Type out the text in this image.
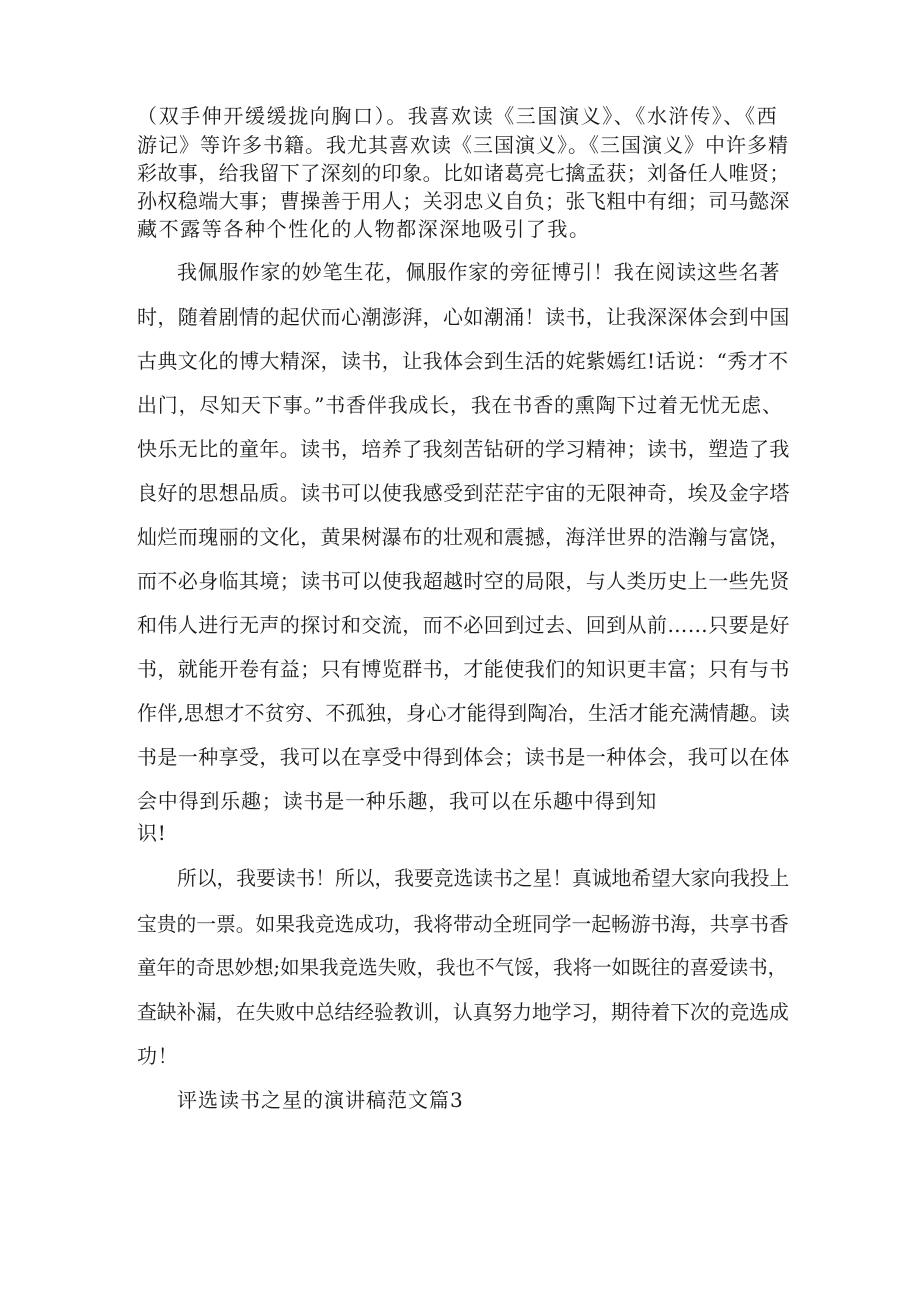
（双手伸开缓缓拢向胸口）。我喜欢读《三国演义》、《水浒传》、《西
游记》等许多书籍。我尤其喜欢读《三国演义》。《三国演义》中许多精
彩故事，给我留下了深刻的印象。比如诸葛亮七擒孟获；刘备任人唯贤；
孙权稳端大事；曹操善于用人；关羽忠义自负；张飞粗中有细；司马懿深
藏不露等各种个性化的人物都深深地吸引了我。
我佩服作家的妙笔生花，佩服作家的旁征博引！我在阅读这些名著
时，随着剧情的起伏而心潮澎湃，心如潮涌！读书，让我深深体会到中国
古典文化的博大精深，读书，让我体会到生活的姹紫嫣红!话说：“秀才不
出门，尽知天下事。”书香伴我成长，我在书香的熏陶下过着无忧无虑、
快乐无比的童年。读书，培养了我刻苦钻研的学习精神；读书，塑造了我
良好的思想品质。读书可以使我感受到茫茫宇宙的无限神奇，埃及金字塔
灿烂而瑰丽的文化，黄果树瀑布的壮观和震撼，海洋世界的浩瀚与富饶，
而不必身临其境；读书可以使我超越时空的局限，与人类历史上一些先贤
和伟人进行无声的探讨和交流，而不必回到过去、回到从前……只要是好
书，就能开卷有益；只有博览群书，才能使我们的知识更丰富；只有与书
作伴,思想才不贫穷、不孤独，身心才能得到陶冶，生活才能充满情趣。读
书是一种享受，我可以在享受中得到体会；读书是一种体会，我可以在体
会中得到乐趣；读书是一种乐趣，我可以在乐趣中得到知
识!
所以，我要读书！所以，我要竞选读书之星！真诚地希望大家向我投上
宝贵的一票。如果我竞选成功，我将带动全班同学一起畅游书海，共享书香
童年的奇思妙想;如果我竞选失败，我也不气馁，我将一如既往的喜爱读书，
查缺补漏，在失败中总结经验教训，认真努力地学习，期待着下次的竞选成
功！
评选读书之星的演讲稿范文篇3
